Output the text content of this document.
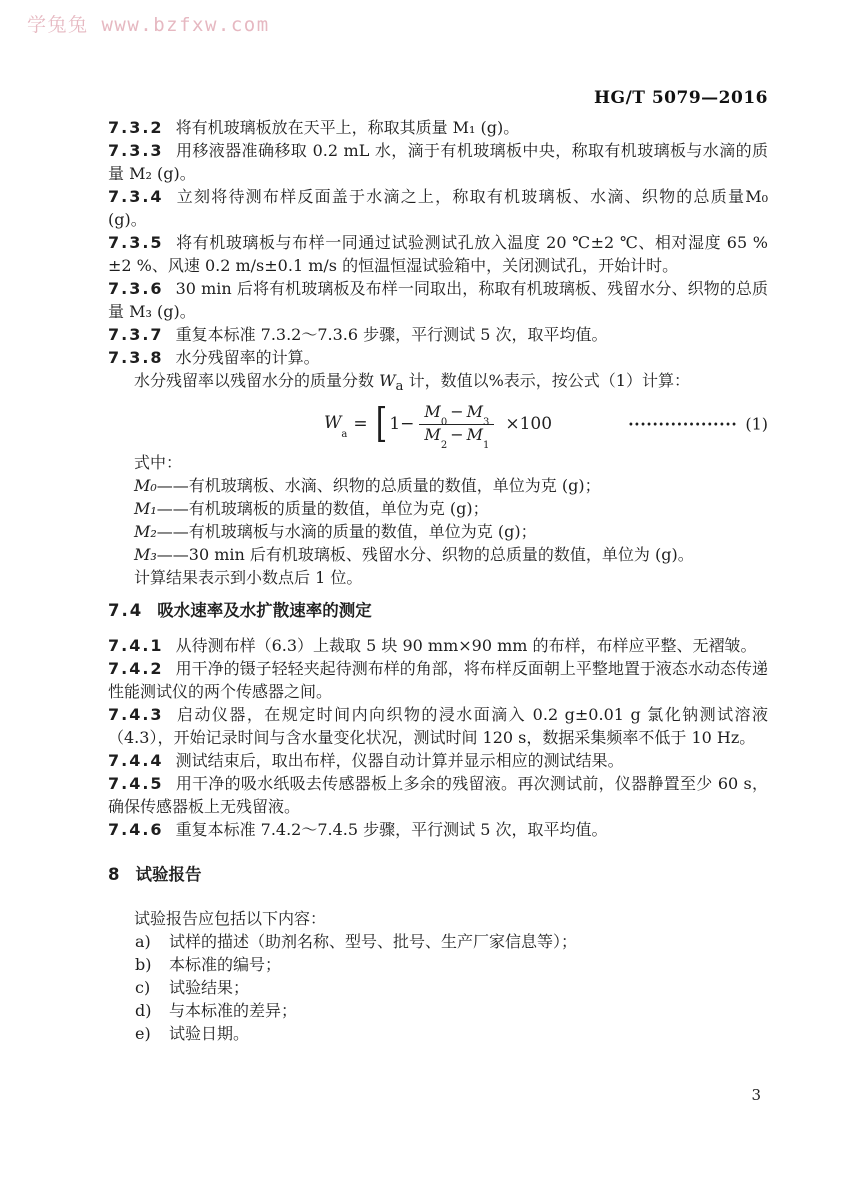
学兔兔 www.bzfxw.com
HG/T 5079—2016

7.3.2 将有机玻璃板放在天平上，称取其质量 M₁ (g)。

7.3.3 用移液器准确移取 0.2 mL 水，滴于有机玻璃板中央，称取有机玻璃板与水滴的质量 M₂ (g)。

7.3.4 立刻将待测布样反面盖于水滴之上，称取有机玻璃板、水滴、织物的总质量M₀ (g)。

7.3.5 将有机玻璃板与布样一同通过试验测试孔放入温度 20 ℃±2 ℃、相对湿度 65 %±2 %、风速 0.2 m/s±0.1 m/s 的恒温恒湿试验箱中，关闭测试孔，开始计时。

7.3.6 30 min 后将有机玻璃板及布样一同取出，称取有机玻璃板、残留水分、织物的总质量 M₃ (g)。

7.3.7 重复本标准 7.3.2～7.3.6 步骤，平行测试 5 次，取平均值。

7.3.8 水分残留率的计算。

水分残留率以残留水分的质量分数 $W_a$ 计，数值以%表示，按公式（1）计算：

$W_a$
= [ $1- \frac{M_0- M_3}{M_2- M_1} \times 100$	·················· (1)

式中：

M₀——有机玻璃板、水滴、织物的总质量的数值，单位为克 (g)；

M₁——有机玻璃板的质量的数值，单位为克 (g)；

M₂——有机玻璃板与水滴的质量的数值，单位为克 (g)；

M₃——30 min 后有机玻璃板、残留水分、织物的总质量的数值，单位为 (g)。

计算结果表示到小数点后 1 位。

7.4 吸水速率及水扩散速率的测定

7.4.1 从待测布样（6.3）上裁取 5 块 90 mm×90 mm 的布样，布样应平整、无褶皱。

7.4.2 用干净的镊子轻轻夹起待测布样的角部，将布样反面朝上平整地置于液态水动态传递性能测试仪的两个传感器之间。

7.4.3 启动仪器，在规定时间内向织物的浸水面滴入 0.2 g±0.01 g 氯化钠测试溶液（4.3），开始记录时间与含水量变化状况，测试时间 120 s，数据采集频率不低于 10 Hz。

7.4.4 测试结束后，取出布样，仪器自动计算并显示相应的测试结果。

7.4.5 用干净的吸水纸吸去传感器板上多余的残留液。再次测试前，仪器静置至少 60 s，确保传感器板上无残留液。

7.4.6 重复本标准 7.4.2～7.4.5 步骤，平行测试 5 次，取平均值。

8 试验报告

试验报告应包括以下内容：

a) 试样的描述（助剂名称、型号、批号、生产厂家信息等）；

b) 本标准的编号；

c) 试验结果；

d) 与本标准的差异；

e) 试验日期。

3
